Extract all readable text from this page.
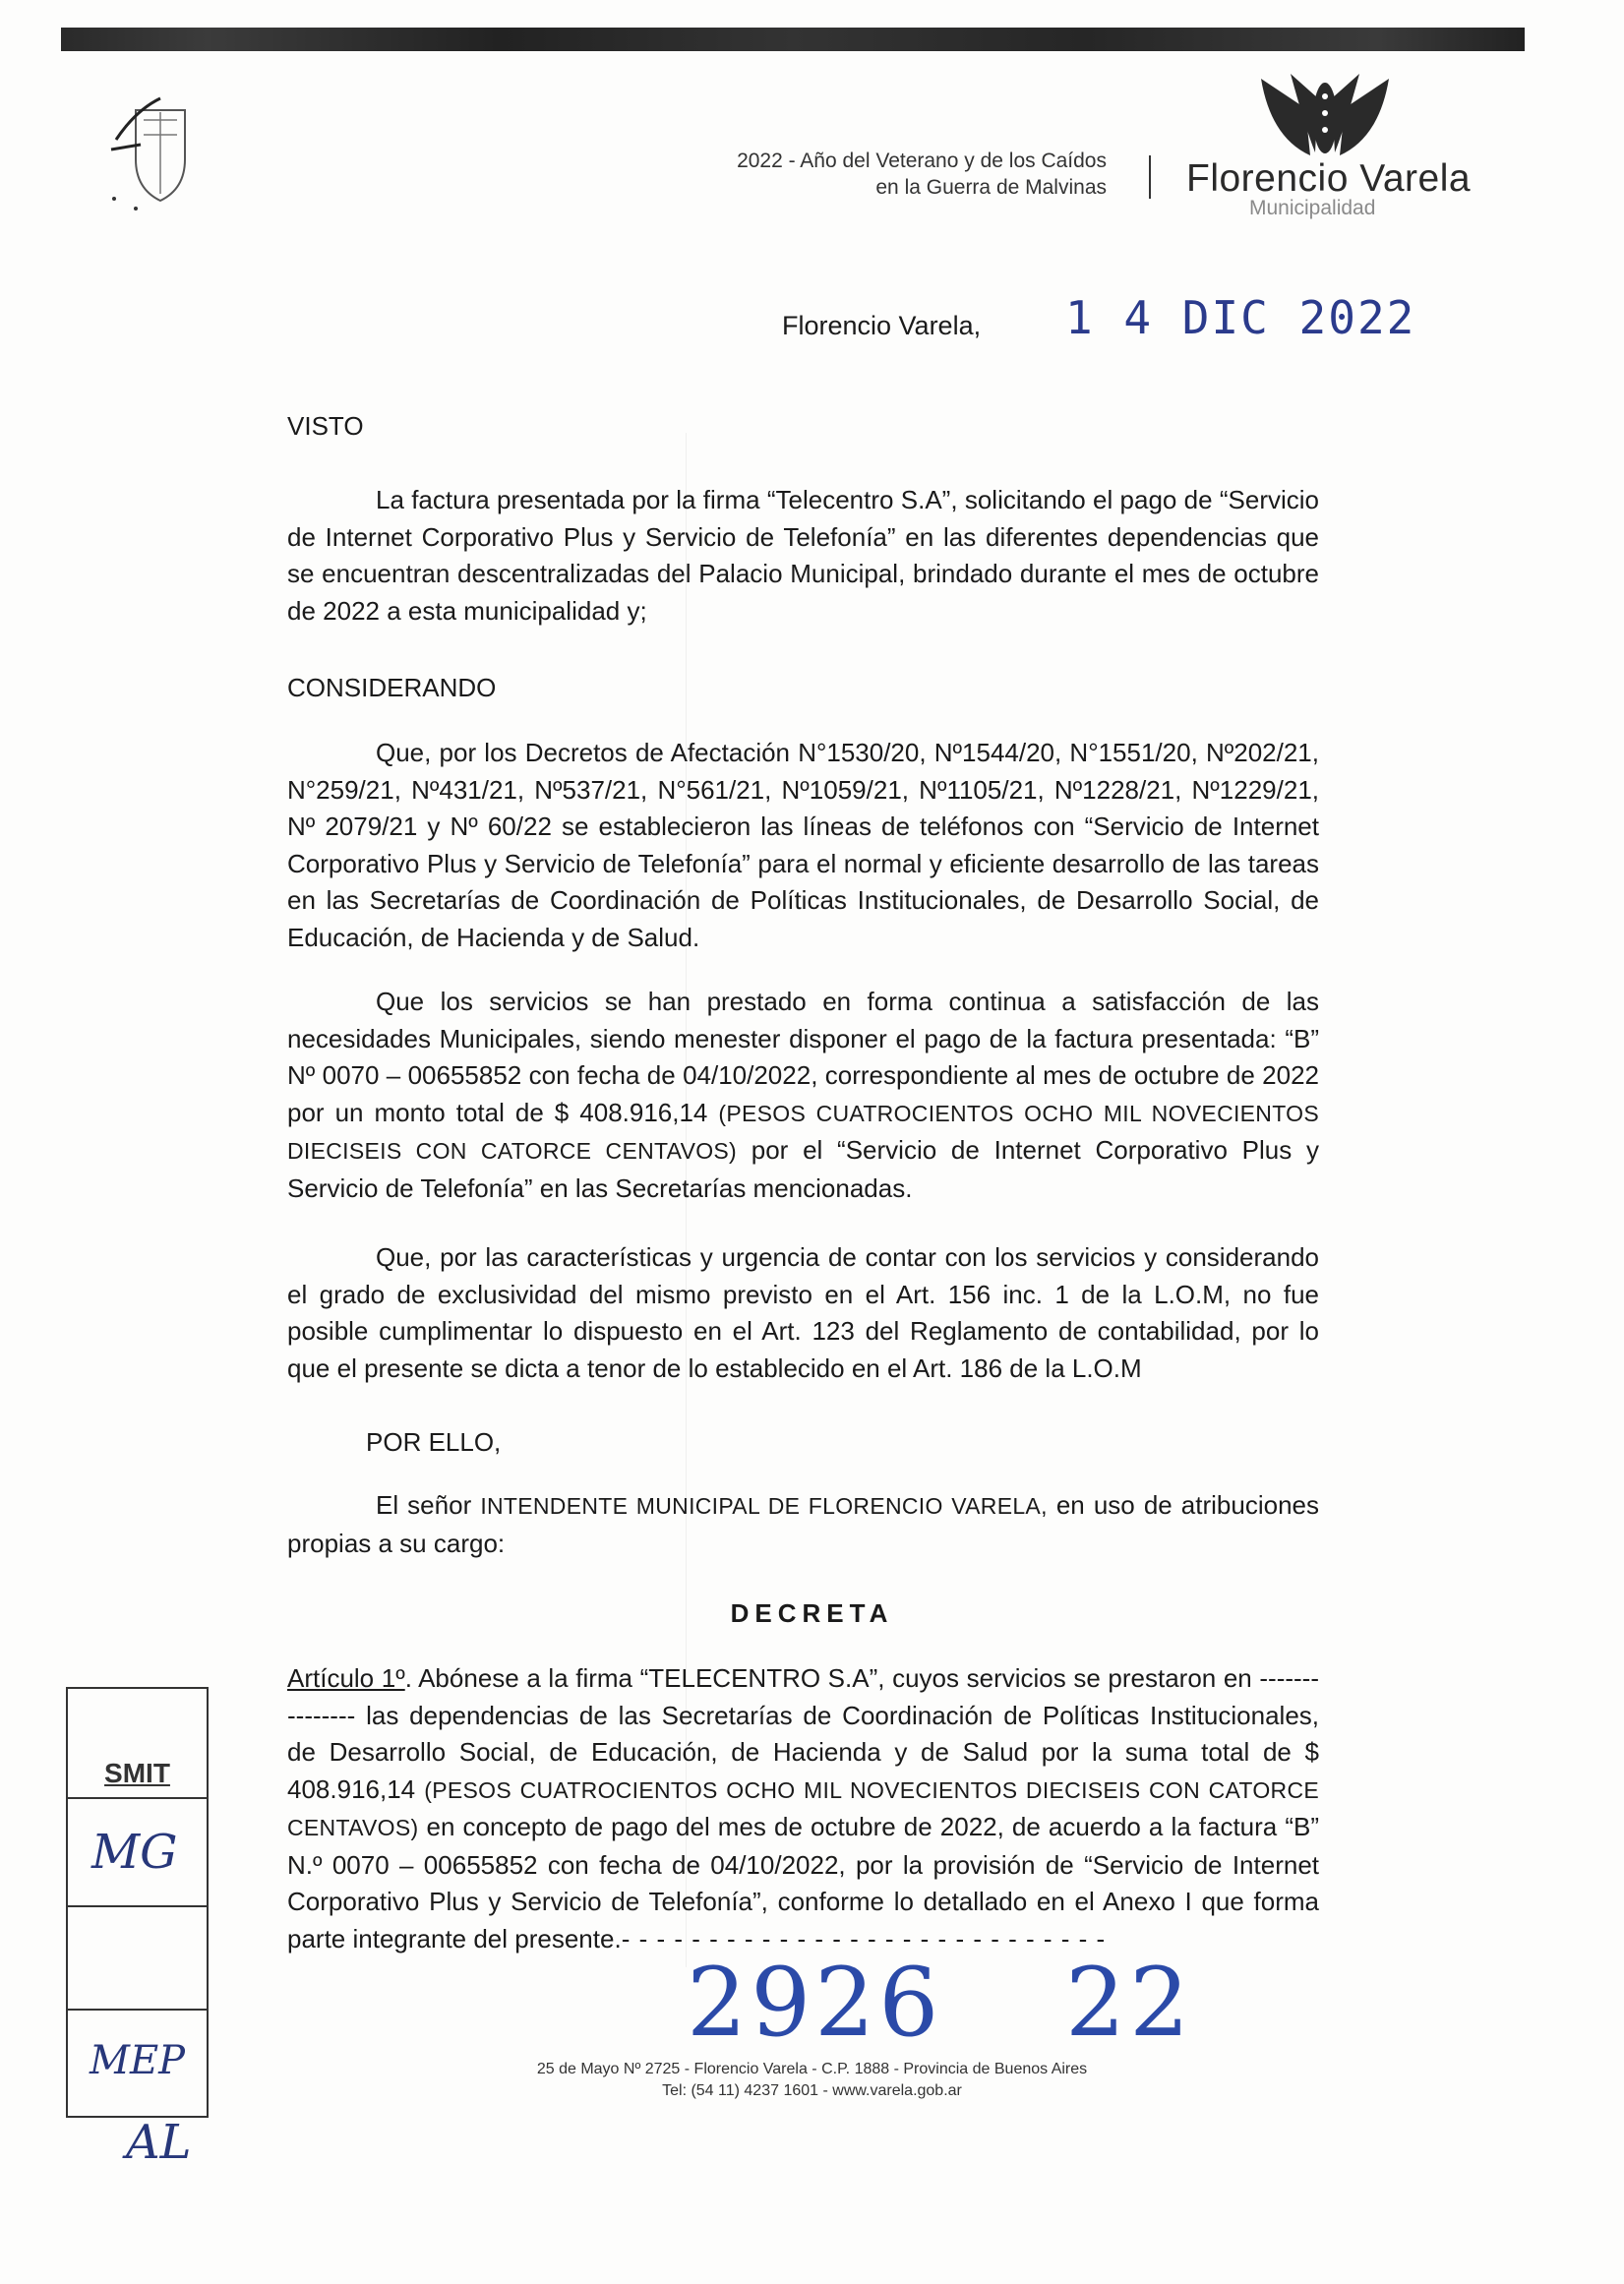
2022 - Año del Veterano y de los Caídos
en la Guerra de Malvinas Florencio Varela
Municipalidad
Florencio Varela, 1 4 DIC 2022
VISTO

La factura presentada por la firma “Telecentro S.A”, solicitando el pago de “Servicio de Internet Corporativo Plus y Servicio de Telefonía” en las diferentes dependencias que se encuentran descentralizadas del Palacio Municipal, brindado durante el mes de octubre de 2022 a esta municipalidad y;

CONSIDERANDO

Que, por los Decretos de Afectación N°1530/20, Nº1544/20, N°1551/20, Nº202/21, N°259/21, Nº431/21, Nº537/21, N°561/21, Nº1059/21, Nº1105/21, Nº1228/21, Nº1229/21, Nº 2079/21 y Nº 60/22 se establecieron las líneas de teléfonos con “Servicio de Internet Corporativo Plus y Servicio de Telefonía” para el normal y eficiente desarrollo de las tareas en las Secretarías de Coordinación de Políticas Institucionales, de Desarrollo Social, de Educación, de Hacienda y de Salud.

Que los servicios se han prestado en forma continua a satisfacción de las necesidades Municipales, siendo menester disponer el pago de la factura presentada: “B” Nº 0070 – 00655852 con fecha de 04/10/2022, correspondiente al mes de octubre de 2022 por un monto total de $ 408.916,14 (PESOS CUATROCIENTOS OCHO MIL NOVECIENTOS DIECISEIS CON CATORCE CENTAVOS) por el “Servicio de Internet Corporativo Plus y Servicio de Telefonía” en las Secretarías mencionadas.

Que, por las características y urgencia de contar con los servicios y considerando el grado de exclusividad del mismo previsto en el Art. 156 inc. 1 de la L.O.M, no fue posible cumplimentar lo dispuesto en el Art. 123 del Reglamento de contabilidad, por lo que el presente se dicta a tenor de lo establecido en el Art. 186 de la L.O.M

POR ELLO,

El señor INTENDENTE MUNICIPAL DE FLORENCIO VARELA, en uso de atribuciones propias a su cargo:

DECRETA

Artículo 1º. Abónese a la firma “TELECENTRO S.A”, cuyos servicios se prestaron en --------------- las dependencias de las Secretarías de Coordinación de Políticas Institucionales, de Desarrollo Social, de Educación, de Hacienda y de Salud por la suma total de $ 408.916,14 (PESOS CUATROCIENTOS OCHO MIL NOVECIENTOS DIECISEIS CON CATORCE CENTAVOS) en concepto de pago del mes de octubre de 2022, de acuerdo a la factura “B” N.º 0070 – 00655852 con fecha de 04/10/2022, por la provisión de “Servicio de Internet Corporativo Plus y Servicio de Telefonía”, conforme lo detallado en el Anexo I que forma parte integrante del presente.- - - - - - - - - - - - - - - - - - - - - - - - - - - -

2926 22
25 de Mayo Nº 2725 - Florencio Varela - C.P. 1888 - Provincia de Buenos Aires
Tel: (54 11) 4237 1601 - www.varela.gob.ar
SMIT
MG
MEP
AL
